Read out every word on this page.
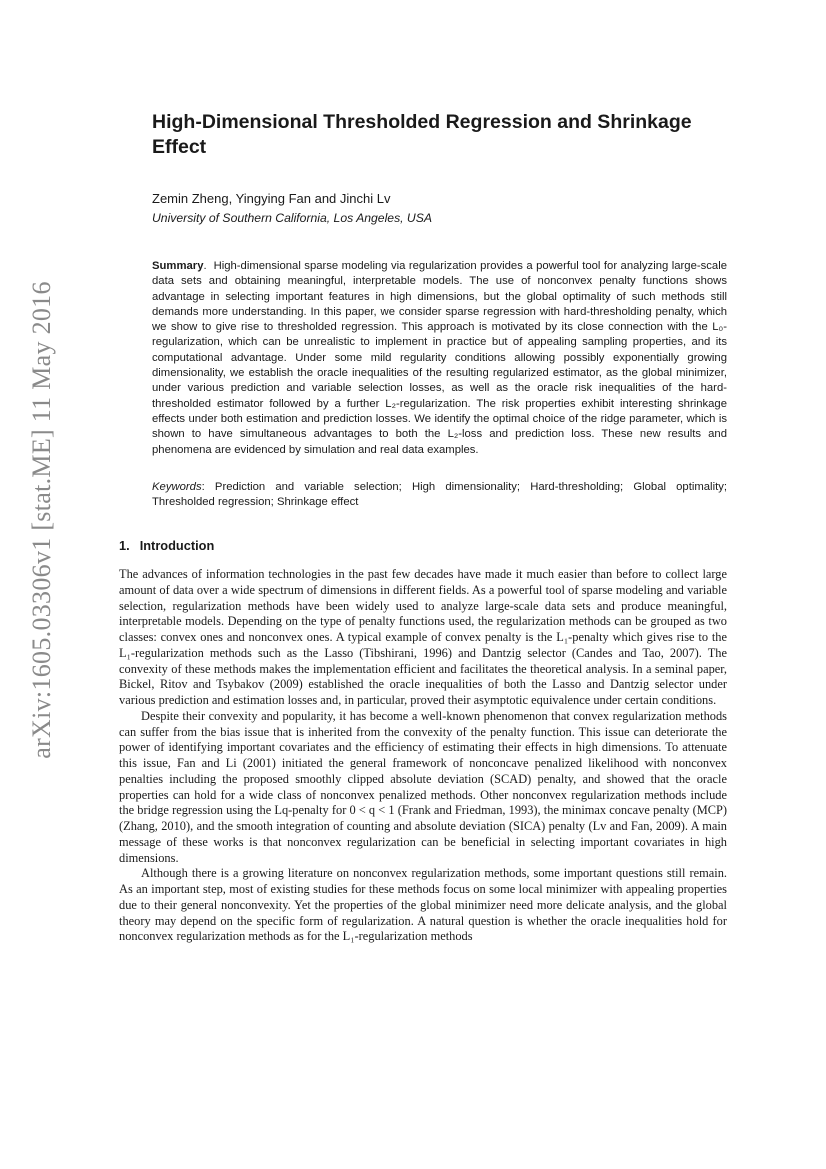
arXiv:1605.03306v1 [stat.ME] 11 May 2016
High-Dimensional Thresholded Regression and Shrinkage Effect

Zemin Zheng, Yingying Fan and Jinchi Lv

University of Southern California, Los Angeles, USA

Summary.  High-dimensional sparse modeling via regularization provides a powerful tool for analyzing large-scale data sets and obtaining meaningful, interpretable models. The use of nonconvex penalty functions shows advantage in selecting important features in high dimensions, but the global optimality of such methods still demands more understanding. In this paper, we consider sparse regression with hard-thresholding penalty, which we show to give rise to thresholded regression. This approach is motivated by its close connection with the L₀-regularization, which can be unrealistic to implement in practice but of appealing sampling properties, and its computational advantage. Under some mild regularity conditions allowing possibly exponentially growing dimensionality, we establish the oracle inequalities of the resulting regularized estimator, as the global minimizer, under various prediction and variable selection losses, as well as the oracle risk inequalities of the hard-thresholded estimator followed by a further L₂-regularization. The risk properties exhibit interesting shrinkage effects under both estimation and prediction losses. We identify the optimal choice of the ridge parameter, which is shown to have simultaneous advantages to both the L₂-loss and prediction loss. These new results and phenomena are evidenced by simulation and real data examples.

Keywords: Prediction and variable selection; High dimensionality; Hard-thresholding; Global optimality; Thresholded regression; Shrinkage effect

1. Introduction

The advances of information technologies in the past few decades have made it much easier than before to collect large amount of data over a wide spectrum of dimensions in different fields. As a powerful tool of sparse modeling and variable selection, regularization methods have been widely used to analyze large-scale data sets and produce meaningful, interpretable models. Depending on the type of penalty functions used, the regularization methods can be grouped as two classes: convex ones and nonconvex ones. A typical example of convex penalty is the L₁-penalty which gives rise to the L₁-regularization methods such as the Lasso (Tibshirani, 1996) and Dantzig selector (Candes and Tao, 2007). The convexity of these methods makes the implementation efficient and facilitates the theoretical analysis. In a seminal paper, Bickel, Ritov and Tsybakov (2009) established the oracle inequalities of both the Lasso and Dantzig selector under various prediction and estimation losses and, in particular, proved their asymptotic equivalence under certain conditions.

Despite their convexity and popularity, it has become a well-known phenomenon that convex regularization methods can suffer from the bias issue that is inherited from the convexity of the penalty function. This issue can deteriorate the power of identifying important covariates and the efficiency of estimating their effects in high dimensions. To attenuate this issue, Fan and Li (2001) initiated the general framework of nonconcave penalized likelihood with nonconvex penalties including the proposed smoothly clipped absolute deviation (SCAD) penalty, and showed that the oracle properties can hold for a wide class of nonconvex penalized methods. Other nonconvex regularization methods include the bridge regression using the Lq-penalty for 0 < q < 1 (Frank and Friedman, 1993), the minimax concave penalty (MCP) (Zhang, 2010), and the smooth integration of counting and absolute deviation (SICA) penalty (Lv and Fan, 2009). A main message of these works is that nonconvex regularization can be beneficial in selecting important covariates in high dimensions.

Although there is a growing literature on nonconvex regularization methods, some important questions still remain. As an important step, most of existing studies for these methods focus on some local minimizer with appealing properties due to their general nonconvexity. Yet the properties of the global minimizer need more delicate analysis, and the global theory may depend on the specific form of regularization. A natural question is whether the oracle inequalities hold for nonconvex regularization methods as for the L₁-regularization methods
